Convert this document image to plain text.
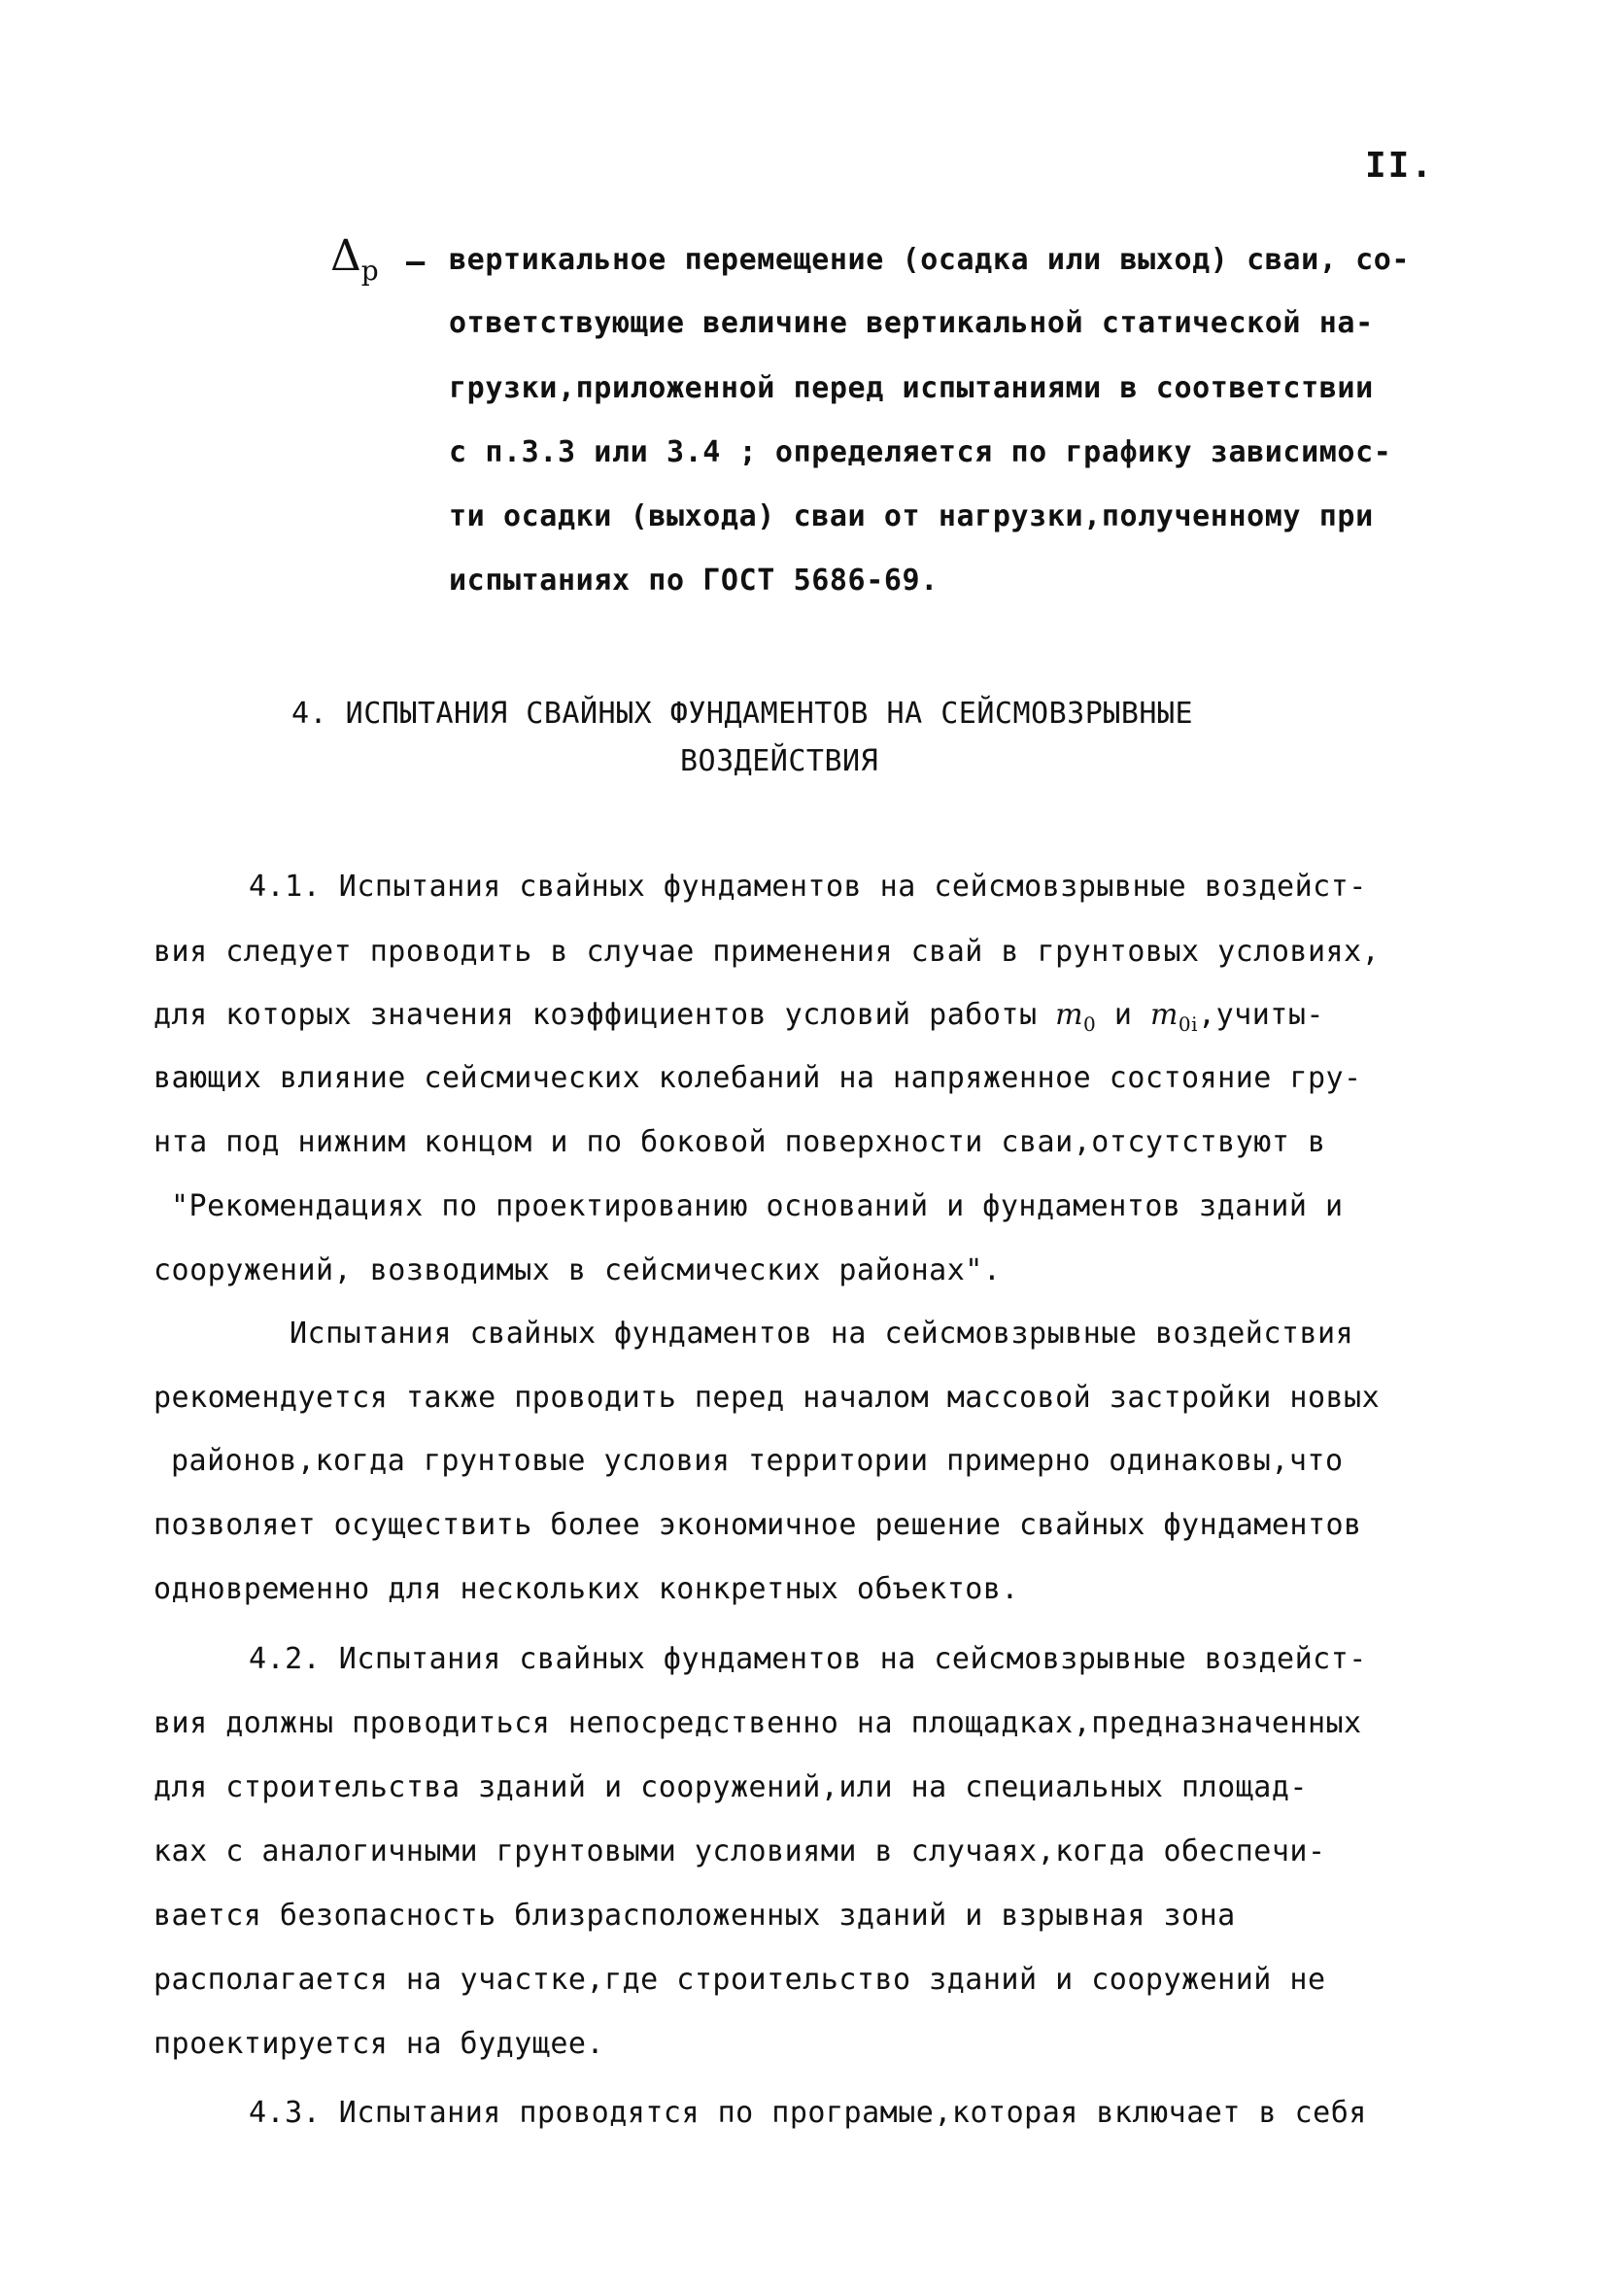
II.
$\Delta_р$ – вертикальное перемещение (осадка или выход) сваи, со-
ответствующие величине вертикальной статической на-
грузки,приложенной перед испытаниями в соответствии
с п.3.3 или 3.4 ; определяется по графику зависимос-
ти осадки (выхода) сваи от нагрузки,полученному при
испытаниях по ГОСТ 5686-69.
4. ИСПЫТАНИЯ СВАЙНЫХ ФУНДАМЕНТОВ НА СЕЙСМОВЗРЫВНЫЕ
ВОЗДЕЙСТВИЯ
4.1. Испытания свайных фундаментов на сейсмовзрывные воздейст-
вия следует проводить в случае применения свай в грунтовых условиях,
для которых значения коэффициентов условий работы $m_0$ и $m_{0i},учиты-$
вающих влияние сейсмических колебаний на напряженное состояние гру-
нта под нижним концом и по боковой поверхности сваи,отсутствуют в
"Рекомендациях по проектированию оснований и фундаментов зданий и
сооружений, возводимых в сейсмических районах".
Испытания свайных фундаментов на сейсмовзрывные воздействия
рекомендуется также проводить перед началом массовой застройки новых
районов,когда грунтовые условия территории примерно одинаковы,что
позволяет осуществить более экономичное решение свайных фундаментов
одновременно для нескольких конкретных объектов.
4.2. Испытания свайных фундаментов на сейсмовзрывные воздейст-
вия должны проводиться непосредственно на площадках,предназначенных
для строительства зданий и сооружений,или на специальных площад-
ках с аналогичными грунтовыми условиями в случаях,когда обеспечи-
вается безопасность близрасположенных зданий и взрывная зона
располагается на участке,где строительство зданий и сооружений не
проектируется на будущее.
4.3. Испытания проводятся по програмые,которая включает в себя
